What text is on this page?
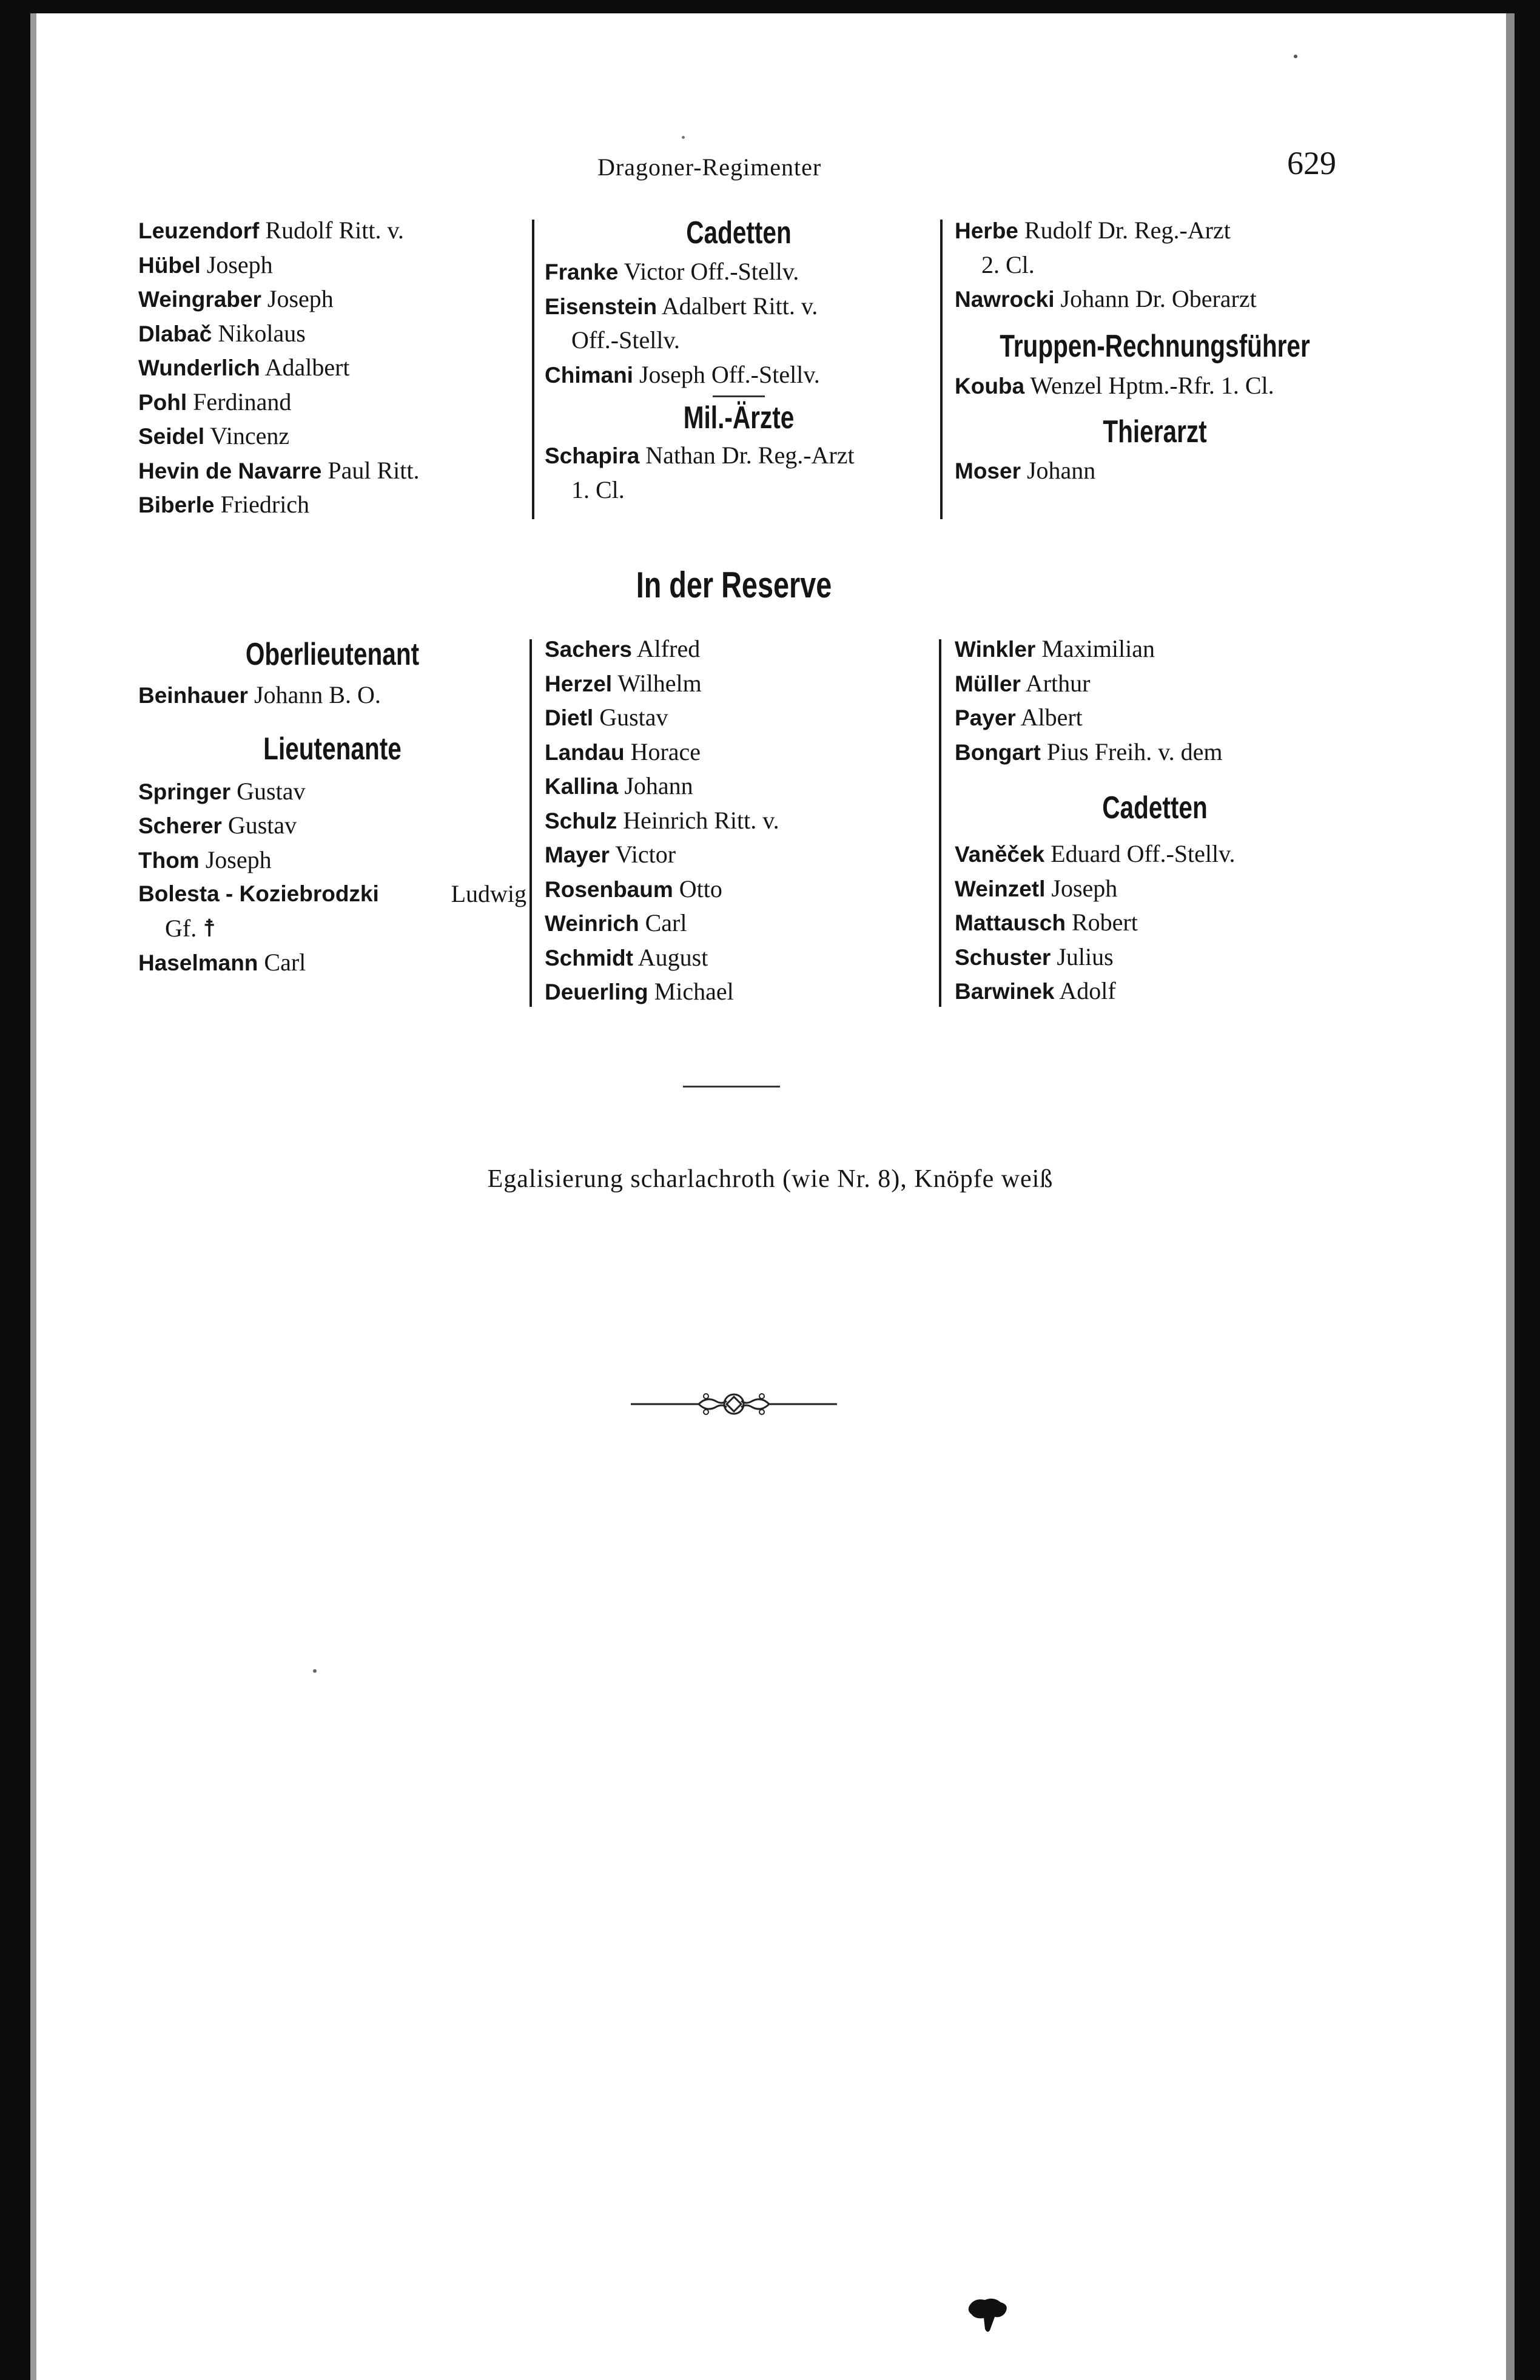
Dragoner-Regimenter	629
Leuzendorf Rudolf Ritt. v.
Hübel Joseph
Weingraber Joseph
Dlabač Nikolaus
Wunderlich Adalbert
Pohl Ferdinand
Seidel Vincenz
Hevin de Navarre Paul Ritt.
Biberle Friedrich
Cadetten
Franke Victor Off.-Stellv.
Eisenstein Adalbert Ritt. v.
Off.-Stellv.
Chimani Joseph Off.-Stellv.
Mil.-Ärzte
Schapira Nathan Dr. Reg.-Arzt
1. Cl.
Herbe Rudolf Dr. Reg.-Arzt
2. Cl.
Nawrocki Johann Dr. Oberarzt
Truppen-Rechnungsführer
Kouba Wenzel Hptm.-Rfr. 1. Cl.
Thierarzt
Moser Johann
In der Reserve
Oberlieutenant
Beinhauer Johann B. O.
Lieutenante
Springer Gustav
Scherer Gustav
Thom Joseph
Bolesta - Koziebrodzki	Ludwig
Gf. ☨
Haselmann Carl
Sachers Alfred
Herzel Wilhelm
Dietl Gustav
Landau Horace
Kallina Johann
Schulz Heinrich Ritt. v.
Mayer Victor
Rosenbaum Otto
Weinrich Carl
Schmidt August
Deuerling Michael
Winkler Maximilian
Müller Arthur
Payer Albert
Bongart Pius Freih. v. dem
Cadetten
Vaněček Eduard Off.-Stellv.
Weinzetl Joseph
Mattausch Robert
Schuster Julius
Barwinek Adolf
Egalisierung scharlachroth (wie Nr. 8), Knöpfe weiß
